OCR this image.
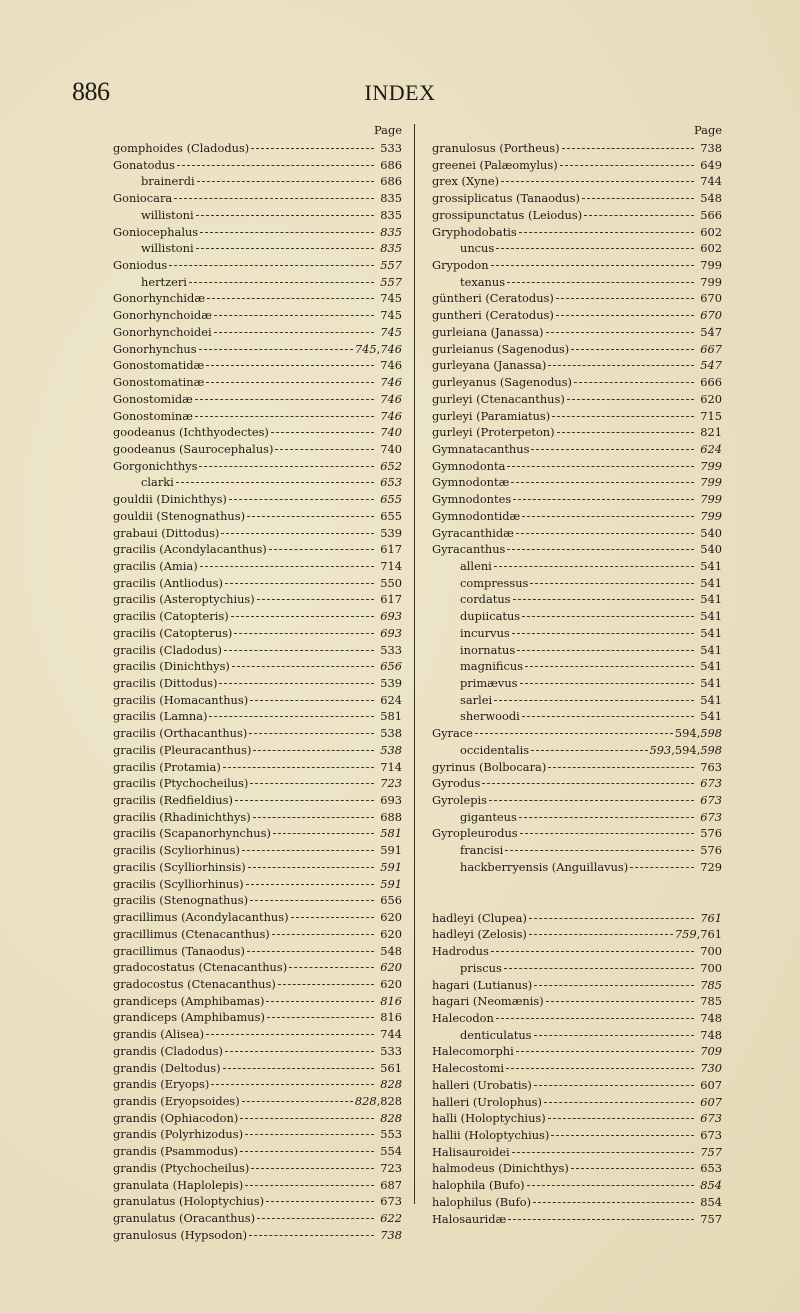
886	INDEX
Page
gomphoides (Cladodus)	533
Gonatodus	686
brainerdi	686
Goniocara	835
willistoni	835
Goniocephalus	835
willistoni	835
Goniodus	557
hertzeri	557
Gonorhynchidæ	745
Gonorhynchoidæ	745
Gonorhynchoidei	745
Gonorhynchus	745,746
Gonostomatidæ	746
Gonostomatinæ	746
Gonostomidæ	746
Gonostominæ	746
goodeanus (Ichthyodectes)	740
goodeanus (Saurocephalus)	740
Gorgonichthys	652
clarki	653
gouldii (Dinichthys)	655
gouldii (Stenognathus)	655
grabaui (Dittodus)	539
gracilis (Acondylacanthus)	617
gracilis (Amia)	714
gracilis (Antliodus)	550
gracilis (Asteroptychius)	617
gracilis (Catopteris)	693
gracilis (Catopterus)	693
gracilis (Cladodus)	533
gracilis (Dinichthys)	656
gracilis (Dittodus)	539
gracilis (Homacanthus)	624
gracilis (Lamna)	581
gracilis (Orthacanthus)	538
gracilis (Pleuracanthus)	538
gracilis (Protamia)	714
gracilis (Ptychocheilus)	723
gracilis (Redfieldius)	693
gracilis (Rhadinichthys)	688
gracilis (Scapanorhynchus)	581
gracilis (Scyliorhinus)	591
gracilis (Scylliorhinsis)	591
gracilis (Scylliorhinus)	591
gracilis (Stenognathus)	656
gracillimus (Acondylacanthus)	620
gracillimus (Ctenacanthus)	620
gracillimus (Tanaodus)	548
gradocostatus (Ctenacanthus)	620
gradocostus (Ctenacanthus)	620
grandiceps (Amphibamas)	816
grandiceps (Amphibamus)	816
grandis (Alisea)	744
grandis (Cladodus)	533
grandis (Deltodus)	561
grandis (Eryops)	828
grandis (Eryopsoides)	828,828
grandis (Ophiacodon)	828
grandis (Polyrhizodus)	553
grandis (Psammodus)	554
grandis (Ptychocheilus)	723
granulata (Haplolepis)	687
granulatus (Holoptychius)	673
granulatus (Oracanthus)	622
granulosus (Hypsodon)	738
Page
granulosus (Portheus)	738
greenei (Palæomylus)	649
grex (Xyne)	744
grossiplicatus (Tanaodus)	548
grossipunctatus (Leiodus)	566
Gryphodobatis	602
uncus	602
Grypodon	799
texanus	799
güntheri (Ceratodus)	670
guntheri (Ceratodus)	670
gurleiana (Janassa)	547
gurleianus (Sagenodus)	667
gurleyana (Janassa)	547
gurleyanus (Sagenodus)	666
gurleyi (Ctenacanthus)	620
gurleyi (Paramiatus)	715
gurleyi (Proterpeton)	821
Gymnatacanthus	624
Gymnodonta	799
Gymnodontæ	799
Gymnodontes	799
Gymnodontidæ	799
Gyracanthidæ	540
Gyracanthus	540
alleni	541
compressus	541
cordatus	541
dupiicatus	541
incurvus	541
inornatus	541
magnificus	541
primævus	541
sarlei	541
sherwoodi	541
Gyrace	594,598
occidentalis	593,594,598
gyrinus (Bolbocara)	763
Gyrodus	673
Gyrolepis	673
giganteus	673
Gyropleurodus	576
francisi	576
hackberryensis (Anguillavus)	729
hadleyi (Clupea)	761
hadleyi (Zelosis)	759,761
Hadrodus	700
priscus	700
hagari (Lutianus)	785
hagari (Neomænis)	785
Halecodon	748
denticulatus	748
Halecomorphi	709
Halecostomi	730
halleri (Urobatis)	607
halleri (Urolophus)	607
halli (Holoptychius)	673
hallii (Holoptychius)	673
Halisauroidei	757
halmodeus (Dinichthys)	653
halophila (Bufo)	854
halophilus (Bufo)	854
Halosauridæ	757
